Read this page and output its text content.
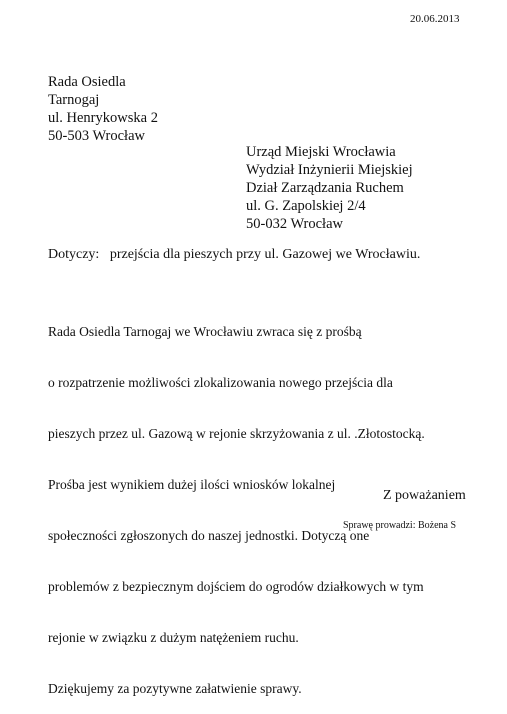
20.06.2013
Rada Osiedla
Tarnogaj
ul. Henrykowska 2
50-503 Wrocław
Urząd Miejski Wrocławia
Wydział Inżynierii Miejskiej
Dział Zarządzania Ruchem
ul. G. Zapolskiej 2/4
50-032 Wrocław
Dotyczy:   przejścia dla pieszych przy ul. Gazowej we Wrocławiu.

Rada Osiedla Tarnogaj we Wrocławiu zwraca się z prośbą

o rozpatrzenie możliwości zlokalizowania nowego przejścia dla

pieszych przez ul. Gazową w rejonie skrzyżowania z ul. .Złotostocką.

Prośba jest wynikiem dużej ilości wniosków lokalnej

społeczności zgłoszonych do naszej jednostki. Dotyczą one

problemów z bezpiecznym dojściem do ogrodów działkowych w tym

rejonie w związku z dużym natężeniem ruchu.

Dziękujemy za pozytywne załatwienie sprawy.

Z poważaniem
Sprawę prowadzi: Bożena S
